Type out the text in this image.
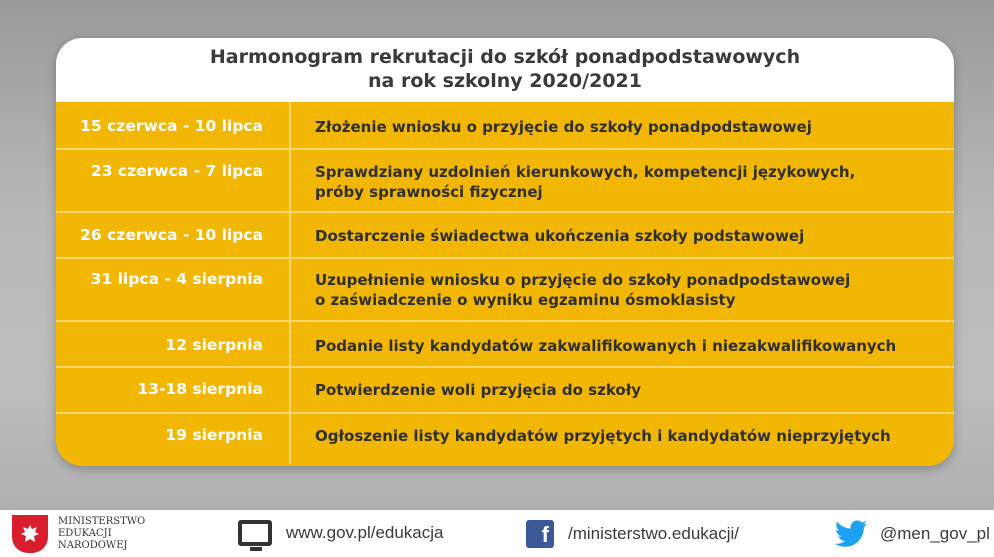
Harmonogram rekrutacji do szkół ponadpodstawowych
na rok szkolny 2020/2021
15 czerwca - 10 lipca	Złożenie wniosku o przyjęcie do szkoły ponadpodstawowej
23 czerwca - 7 lipca	Sprawdziany uzdolnień kierunkowych, kompetencji językowych,
próby sprawności fizycznej
26 czerwca - 10 lipca	Dostarczenie świadectwa ukończenia szkoły podstawowej
31 lipca - 4 sierpnia	Uzupełnienie wniosku o przyjęcie do szkoły ponadpodstawowej
o zaświadczenie o wyniku egzaminu ósmoklasisty
12 sierpnia	Podanie listy kandydatów zakwalifikowanych i niezakwalifikowanych
13-18 sierpnia	Potwierdzenie woli przyjęcia do szkoły
19 sierpnia	Ogłoszenie listy kandydatów przyjętych i kandydatów nieprzyjętych
MINISTERSTWO
EDUKACJI
NARODOWEJ
www.gov.pl/edukacja	f /ministerstwo.edukacji/	@men_gov_pl
